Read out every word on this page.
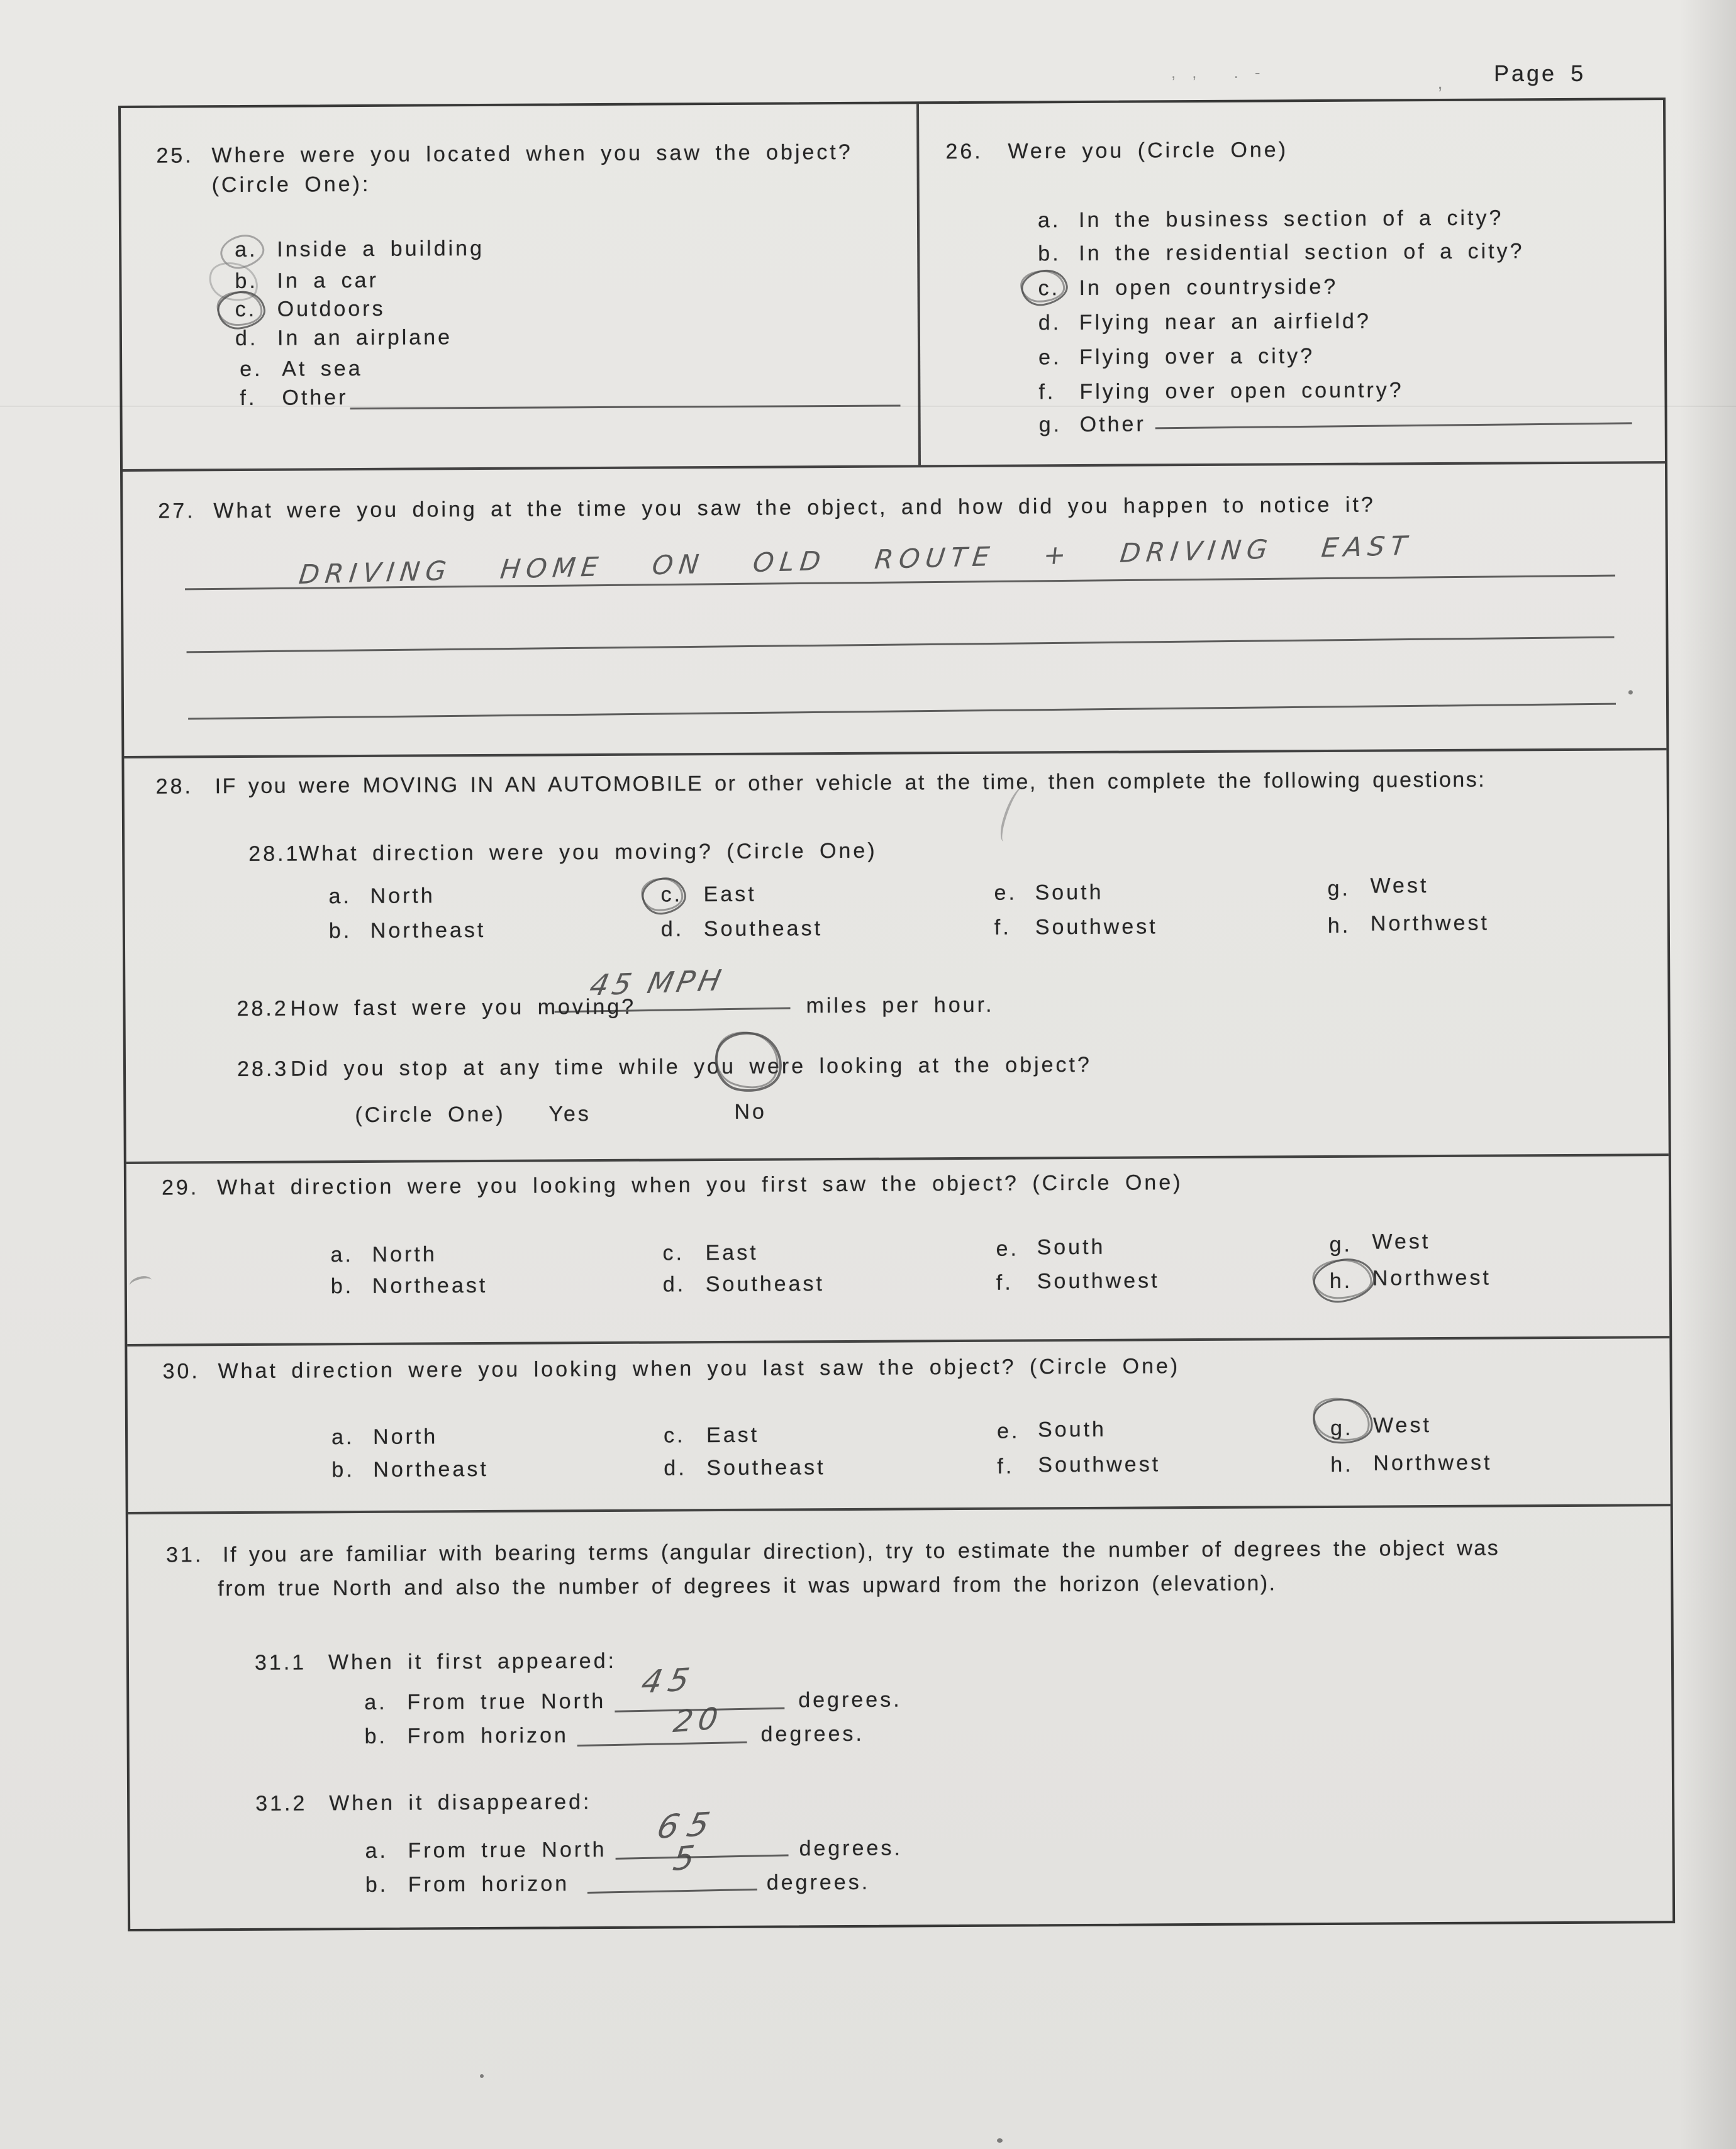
Page 5
,, .-	‚
25. Where were you located when you saw the object?
(Circle One):
a. Inside a building
b. In a car
c. Outdoors
d. In an airplane
e. At sea
f. Other
26. Were you (Circle One)
a. In the business section of a city?
b. In the residential section of a city?
c. In open countryside?
d. Flying near an airfield?
e. Flying over a city?
f. Flying over open country?
g. Other
27. What were you doing at the time you saw the object, and how did you happen to notice it?
DRIVING HOME ON OLD ROUTE + DRIVING EAST
28. IF you were MOVING IN AN AUTOMOBILE or other vehicle at the time, then complete the following questions:
28.1
What direction were you moving? (Circle One)
a. North
b. Northeast
c. East
d. Southeast
e. South
f. Southwest
g. West
h. Northwest
28.2 How fast were you moving?
45 MPH
miles per hour.
28.3 Did you stop at any time while you were looking at the object?
(Circle One) Yes	No
29. What direction were you looking when you first saw the object? (Circle One)
a. North
b. Northeast
c. East
d. Southeast
e. South
f. Southwest
g. West
h. Northwest
30. What direction were you looking when you last saw the object? (Circle One)
a. North
b. Northeast
c. East
d. Southeast
e. South
f. Southwest
g. West
h. Northwest
31. If you are familiar with bearing terms (angular direction), try to estimate the number of degrees the object was
from true North and also the number of degrees it was upward from the horizon (elevation).
31.1 When it first appeared:
a. From true North
45	degrees.
b. From horizon	20 degrees.
31.2 When it disappeared:
a. From true North
65
degrees.
b. From horizon
5
degrees.
